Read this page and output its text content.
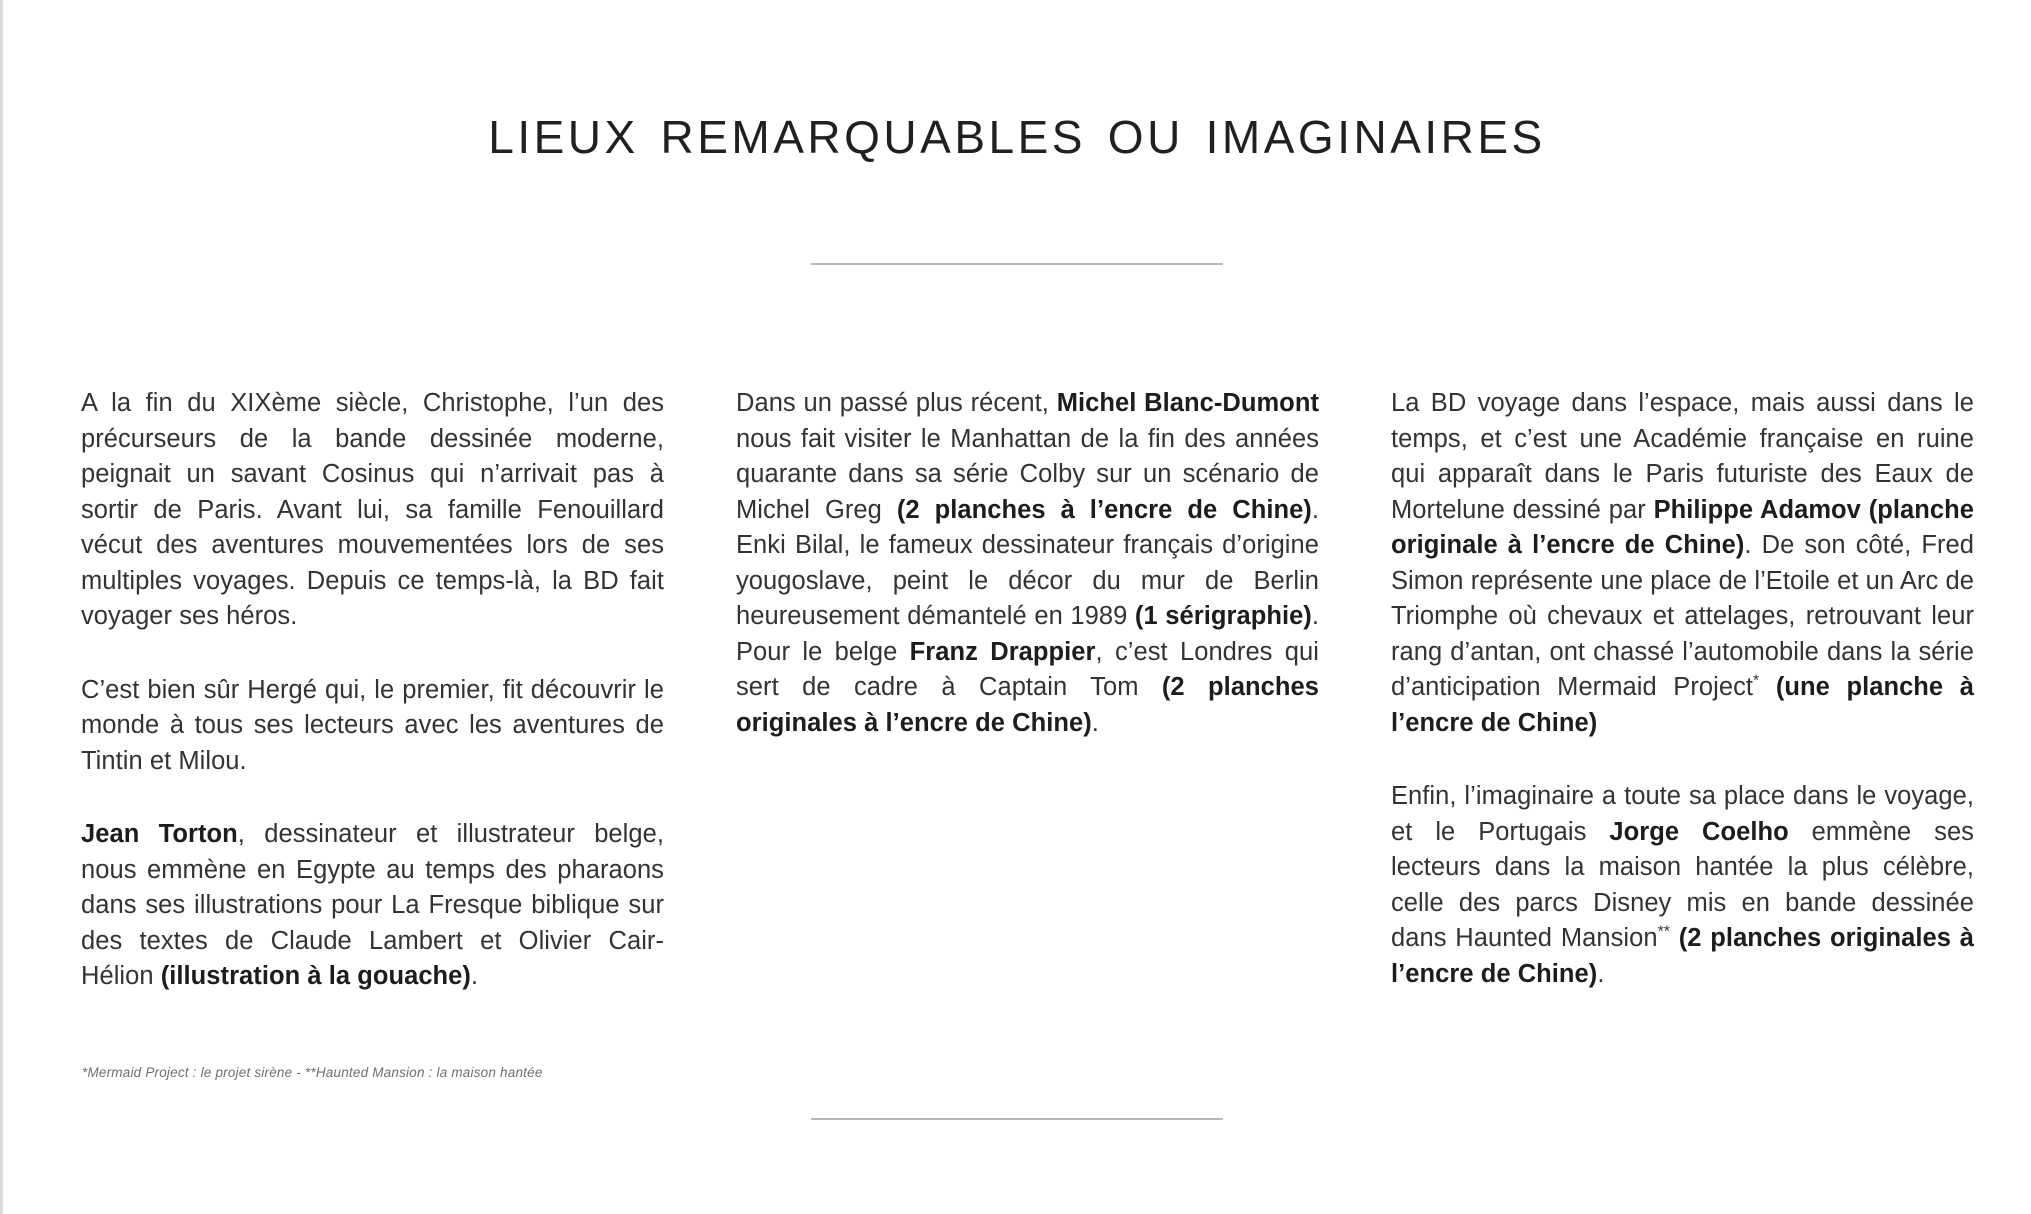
lieux remarquables ou imaginaires

A la fin du XIXème siècle, Christophe, l’un des précurseurs de la bande dessinée moderne, peignait un savant Cosinus qui n’arrivait pas à sortir de Paris. Avant lui, sa famille Fenouillard vécut des aventures mouvementées lors de ses multiples voyages. Depuis ce temps-là, la BD fait voyager ses héros.

C’est bien sûr Hergé qui, le premier, fit découvrir le monde à tous ses lecteurs avec les aventures de Tintin et Milou.

Jean Torton, dessinateur et illustrateur belge, nous emmène en Egypte au temps des pharaons dans ses illustrations pour La Fresque biblique sur des textes de Claude Lambert et Olivier Cair-Hélion (illustration à la gouache).

Dans un passé plus récent, Michel Blanc-Dumont nous fait visiter le Manhattan de la fin des années quarante dans sa série Colby sur un scénario de Michel Greg (2 planches à l’encre de Chine). Enki Bilal, le fameux dessinateur français d’origine yougoslave, peint le décor du mur de Berlin heureusement démantelé en 1989 (1 sérigraphie). Pour le belge Franz Drappier, c’est Londres qui sert de cadre à Captain Tom (2 planches originales à l’encre de Chine).

La BD voyage dans l’espace, mais aussi dans le temps, et c’est une Académie française en ruine qui apparaît dans le Paris futuriste des Eaux de Mortelune dessiné par Philippe Adamov (planche originale à l’encre de Chine). De son côté, Fred Simon représente une place de l’Etoile et un Arc de Triomphe où chevaux et attelages, retrouvant leur rang d’antan, ont chassé l’automobile dans la série d’anticipation Mermaid Project* (une planche à l’encre de Chine)

Enfin, l’imaginaire a toute sa place dans le voyage, et le Portugais Jorge Coelho emmène ses lecteurs dans la maison hantée la plus célèbre, celle des parcs Disney mis en bande dessinée dans Haunted Mansion** (2 planches originales à l’encre de Chine).

*Mermaid Project : le projet sirène - **Haunted Mansion : la maison hantée
